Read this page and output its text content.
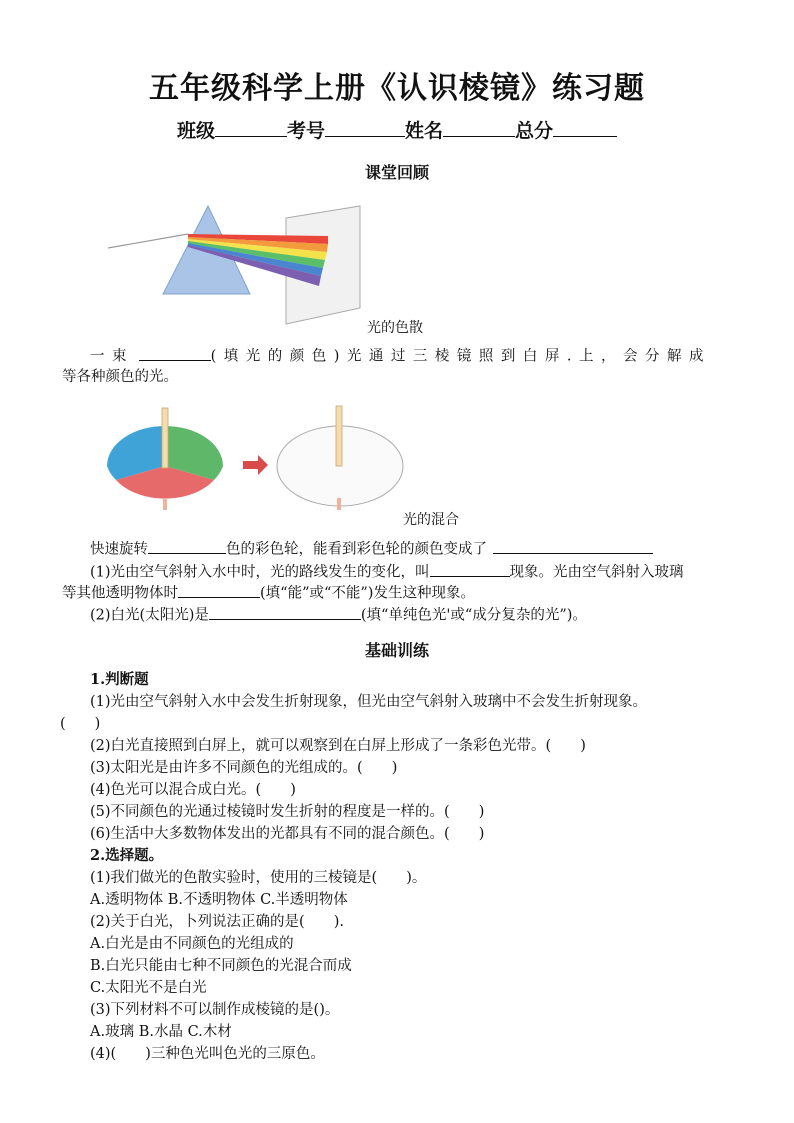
五年级科学上册《认识棱镜》练习题
班级	考号	姓名	总分
课堂回顾
光的色散
一束	(填光的颜色)光通过三棱镜照到白屏.上，会分解成
等各种颜色的光。
光的混合
快速旋转	色的彩色轮，能看到彩色轮的颜色变成了
(1)光由空气斜射入水中时，光的路线发生的变化，叫	现象。光由空气斜射入玻璃
等其他透明物体时	(填“能”或“不能”)发生这种现象。
(2)白光(太阳光)是	(填“单纯色光'或“成分复杂的光”)。
基础训练
1.判断题
(1)光由空气斜射入水中会发生折射现象，但光由空气斜射入玻璃中不会发生折射现象。
(　　)
(2)白光直接照到白屏上，就可以观察到在白屏上形成了一条彩色光带。(　　)
(3)太阳光是由许多不同颜色的光组成的。(　　)
(4)色光可以混合成白光。(　　)
(5)不同颜色的光通过棱镜时发生折射的程度是一样的。(　　)
(6)生活中大多数物体发出的光都具有不同的混合颜色。(　　)
2.选择题。
(1)我们做光的色散实验时，使用的三棱镜是(　　)。
A.透明物体 B.不透明物体 C.半透明物体
(2)关于白光，卜列说法正确的是(　　).
A.白光是由不同颜色的光组成的
B.白光只能由七种不同颜色的光混合而成
C.太阳光不是白光
(3)下列材料不可以制作成棱镜的是()。
A.玻璃 B.水晶 C.木材
(4)(　　)三种色光叫色光的三原色。
